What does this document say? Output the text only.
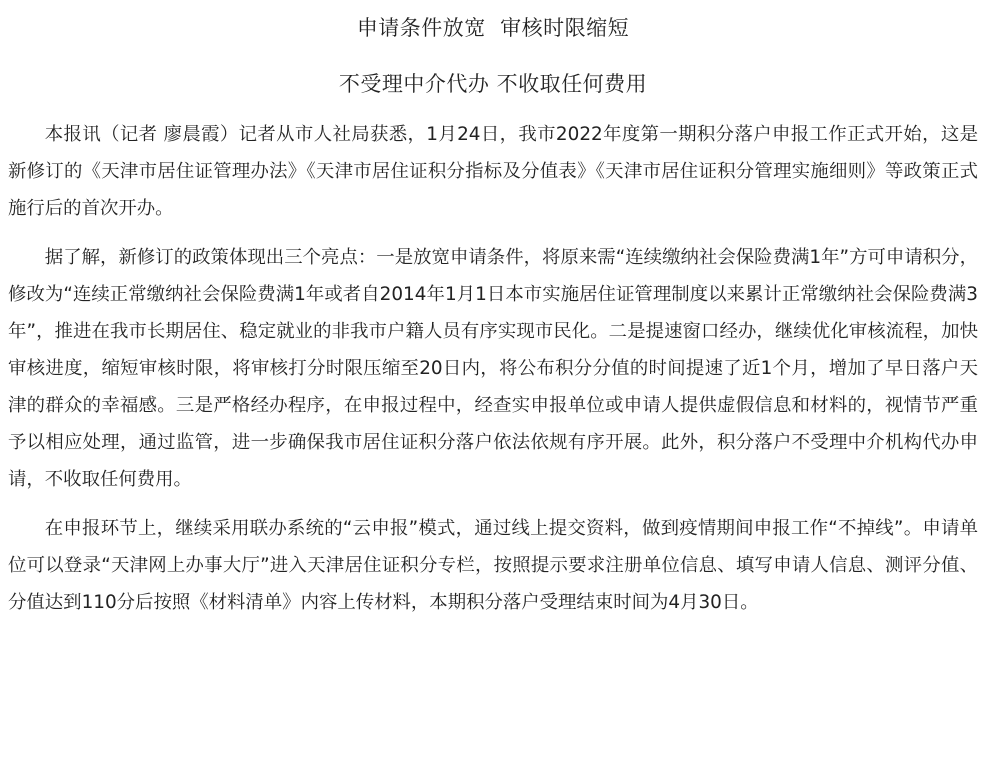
申请条件放宽  审核时限缩短
不受理中介代办 不收取任何费用

本报讯（记者 廖晨霞）记者从市人社局获悉，1月24日，我市2022年度第一期积分落户申报工作正式开始，这是新修订的《天津市居住证管理办法》《天津市居住证积分指标及分值表》《天津市居住证积分管理实施细则》等政策正式施行后的首次开办。

据了解，新修订的政策体现出三个亮点：一是放宽申请条件，将原来需“连续缴纳社会保险费满1年”方可申请积分，修改为“连续正常缴纳社会保险费满1年或者自2014年1月1日本市实施居住证管理制度以来累计正常缴纳社会保险费满3年”，推进在我市长期居住、稳定就业的非我市户籍人员有序实现市民化。二是提速窗口经办，继续优化审核流程，加快审核进度，缩短审核时限，将审核打分时限压缩至20日内，将公布积分分值的时间提速了近1个月，增加了早日落户天津的群众的幸福感。三是严格经办程序，在申报过程中，经查实申报单位或申请人提供虚假信息和材料的，视情节严重予以相应处理，通过监管，进一步确保我市居住证积分落户依法依规有序开展。此外，积分落户不受理中介机构代办申请，不收取任何费用。

在申报环节上，继续采用联办系统的“云申报”模式，通过线上提交资料，做到疫情期间申报工作“不掉线”。申请单位可以登录“天津网上办事大厅”进入天津居住证积分专栏，按照提示要求注册单位信息、填写申请人信息、测评分值、分值达到110分后按照《材料清单》内容上传材料，本期积分落户受理结束时间为4月30日。
